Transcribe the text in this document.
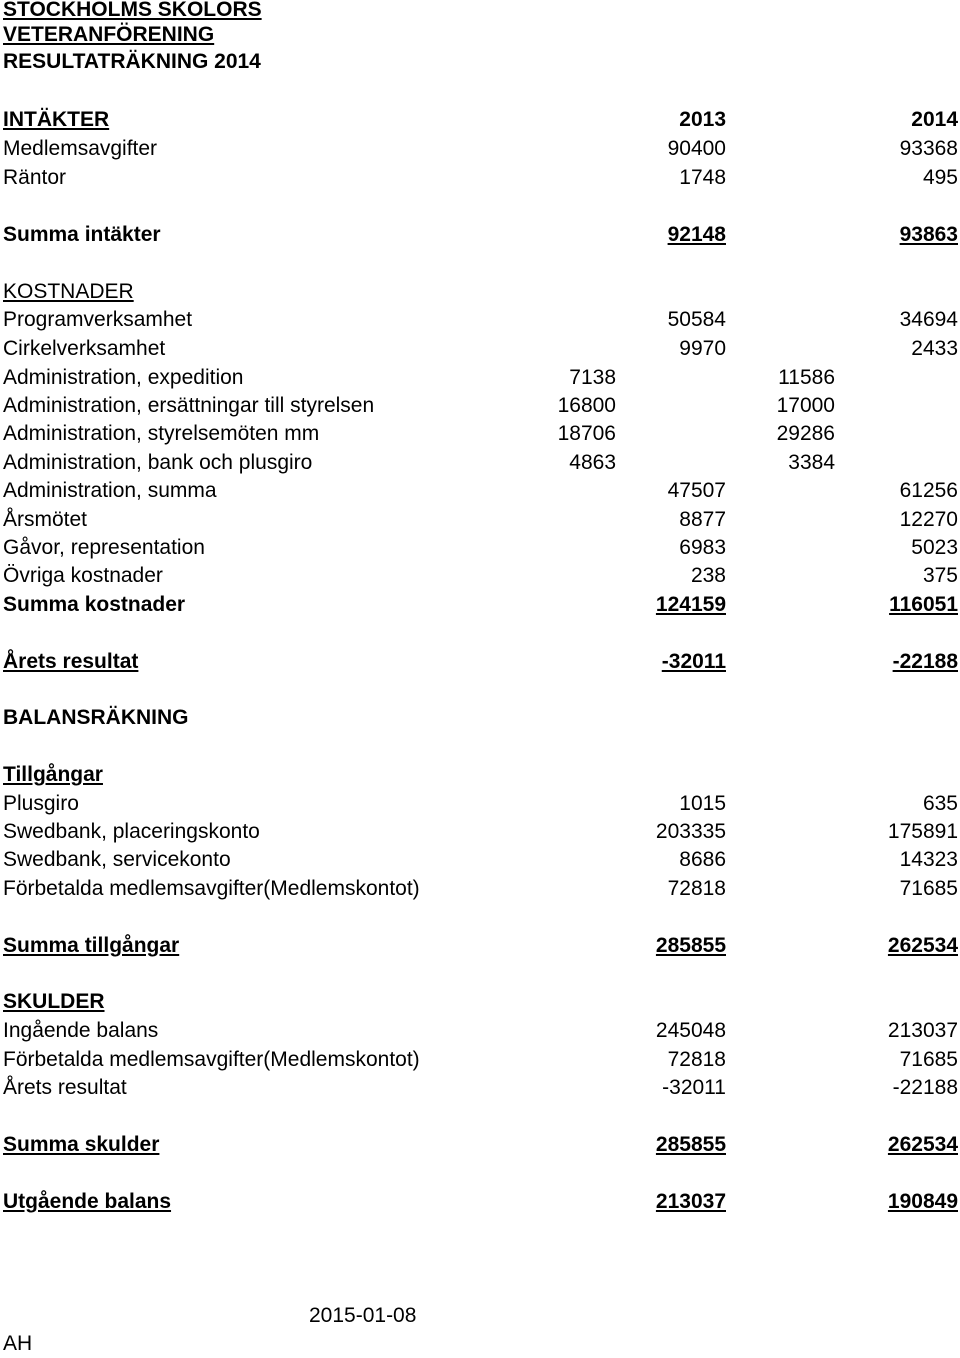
STOCKHOLMS SKOLORS
VETERANFÖRENING
RESULTATRÄKNING 2014
INTÄKTER	2013	2014
Medlemsavgifter	90400	93368
Räntor	1748	495
Summa intäkter	92148	93863
KOSTNADER
Programverksamhet	50584	34694
Cirkelverksamhet	9970	2433
Administration, expedition	7138	11586
Administration, ersättningar till styrelsen	16800	17000
Administration, styrelsemöten mm	18706	29286
Administration, bank och plusgiro	4863	3384
Administration, summa	47507	61256
Årsmötet	8877	12270
Gåvor, representation	6983	5023
Övriga kostnader	238	375
Summa kostnader	124159	116051
Årets resultat	-32011	-22188
BALANSRÄKNING
Tillgångar
Plusgiro	1015	635
Swedbank, placeringskonto	203335	175891
Swedbank, servicekonto	8686	14323
Förbetalda medlemsavgifter(Medlemskontot)	72818	71685
Summa tillgångar	285855	262534
SKULDER
Ingående balans	245048	213037
Förbetalda medlemsavgifter(Medlemskontot)	72818	71685
Årets resultat	-32011	-22188
Summa skulder	285855	262534
Utgående balans	213037	190849
2015-01-08
AH
